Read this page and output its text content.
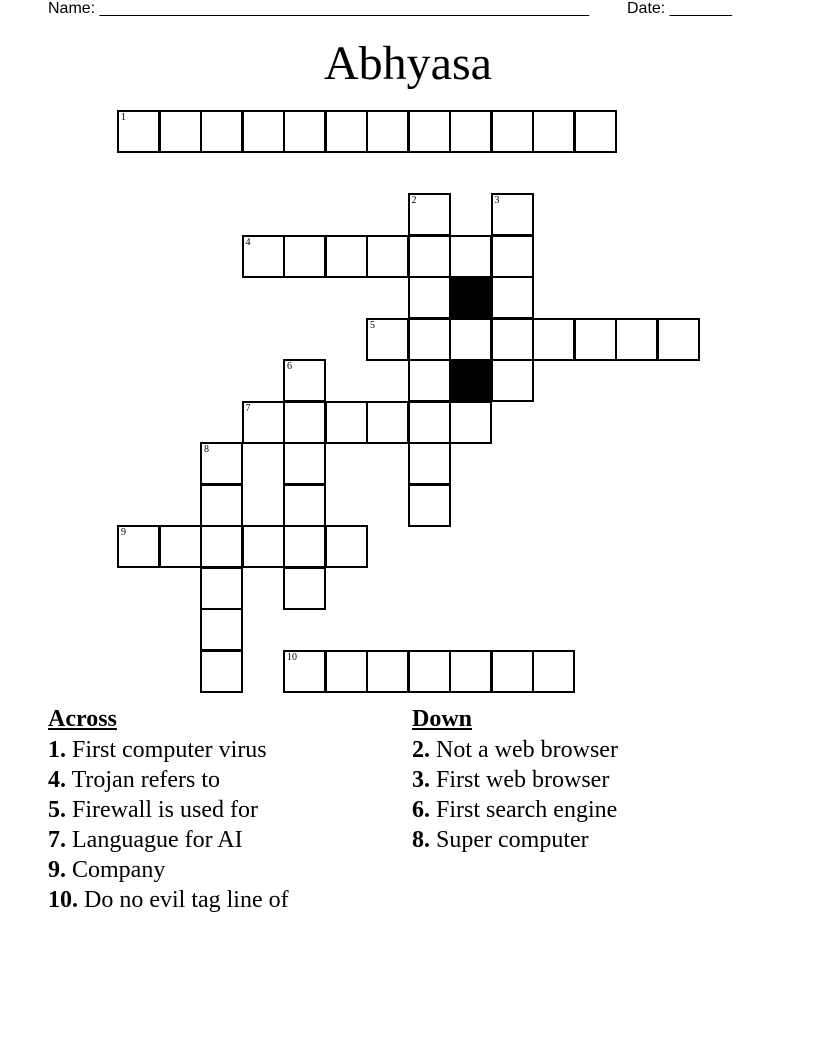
Name: _______________________________________________________ Date: _______
Abhyasa
1
2	3
4
5
6
7
8
9
10
Across
1. First computer virus
4. Trojan refers to
5. Firewall is used for
7. Languague for AI
9. Company
10. Do no evil tag line of
Down
2. Not a web browser
3. First web browser
6. First search engine
8. Super computer
